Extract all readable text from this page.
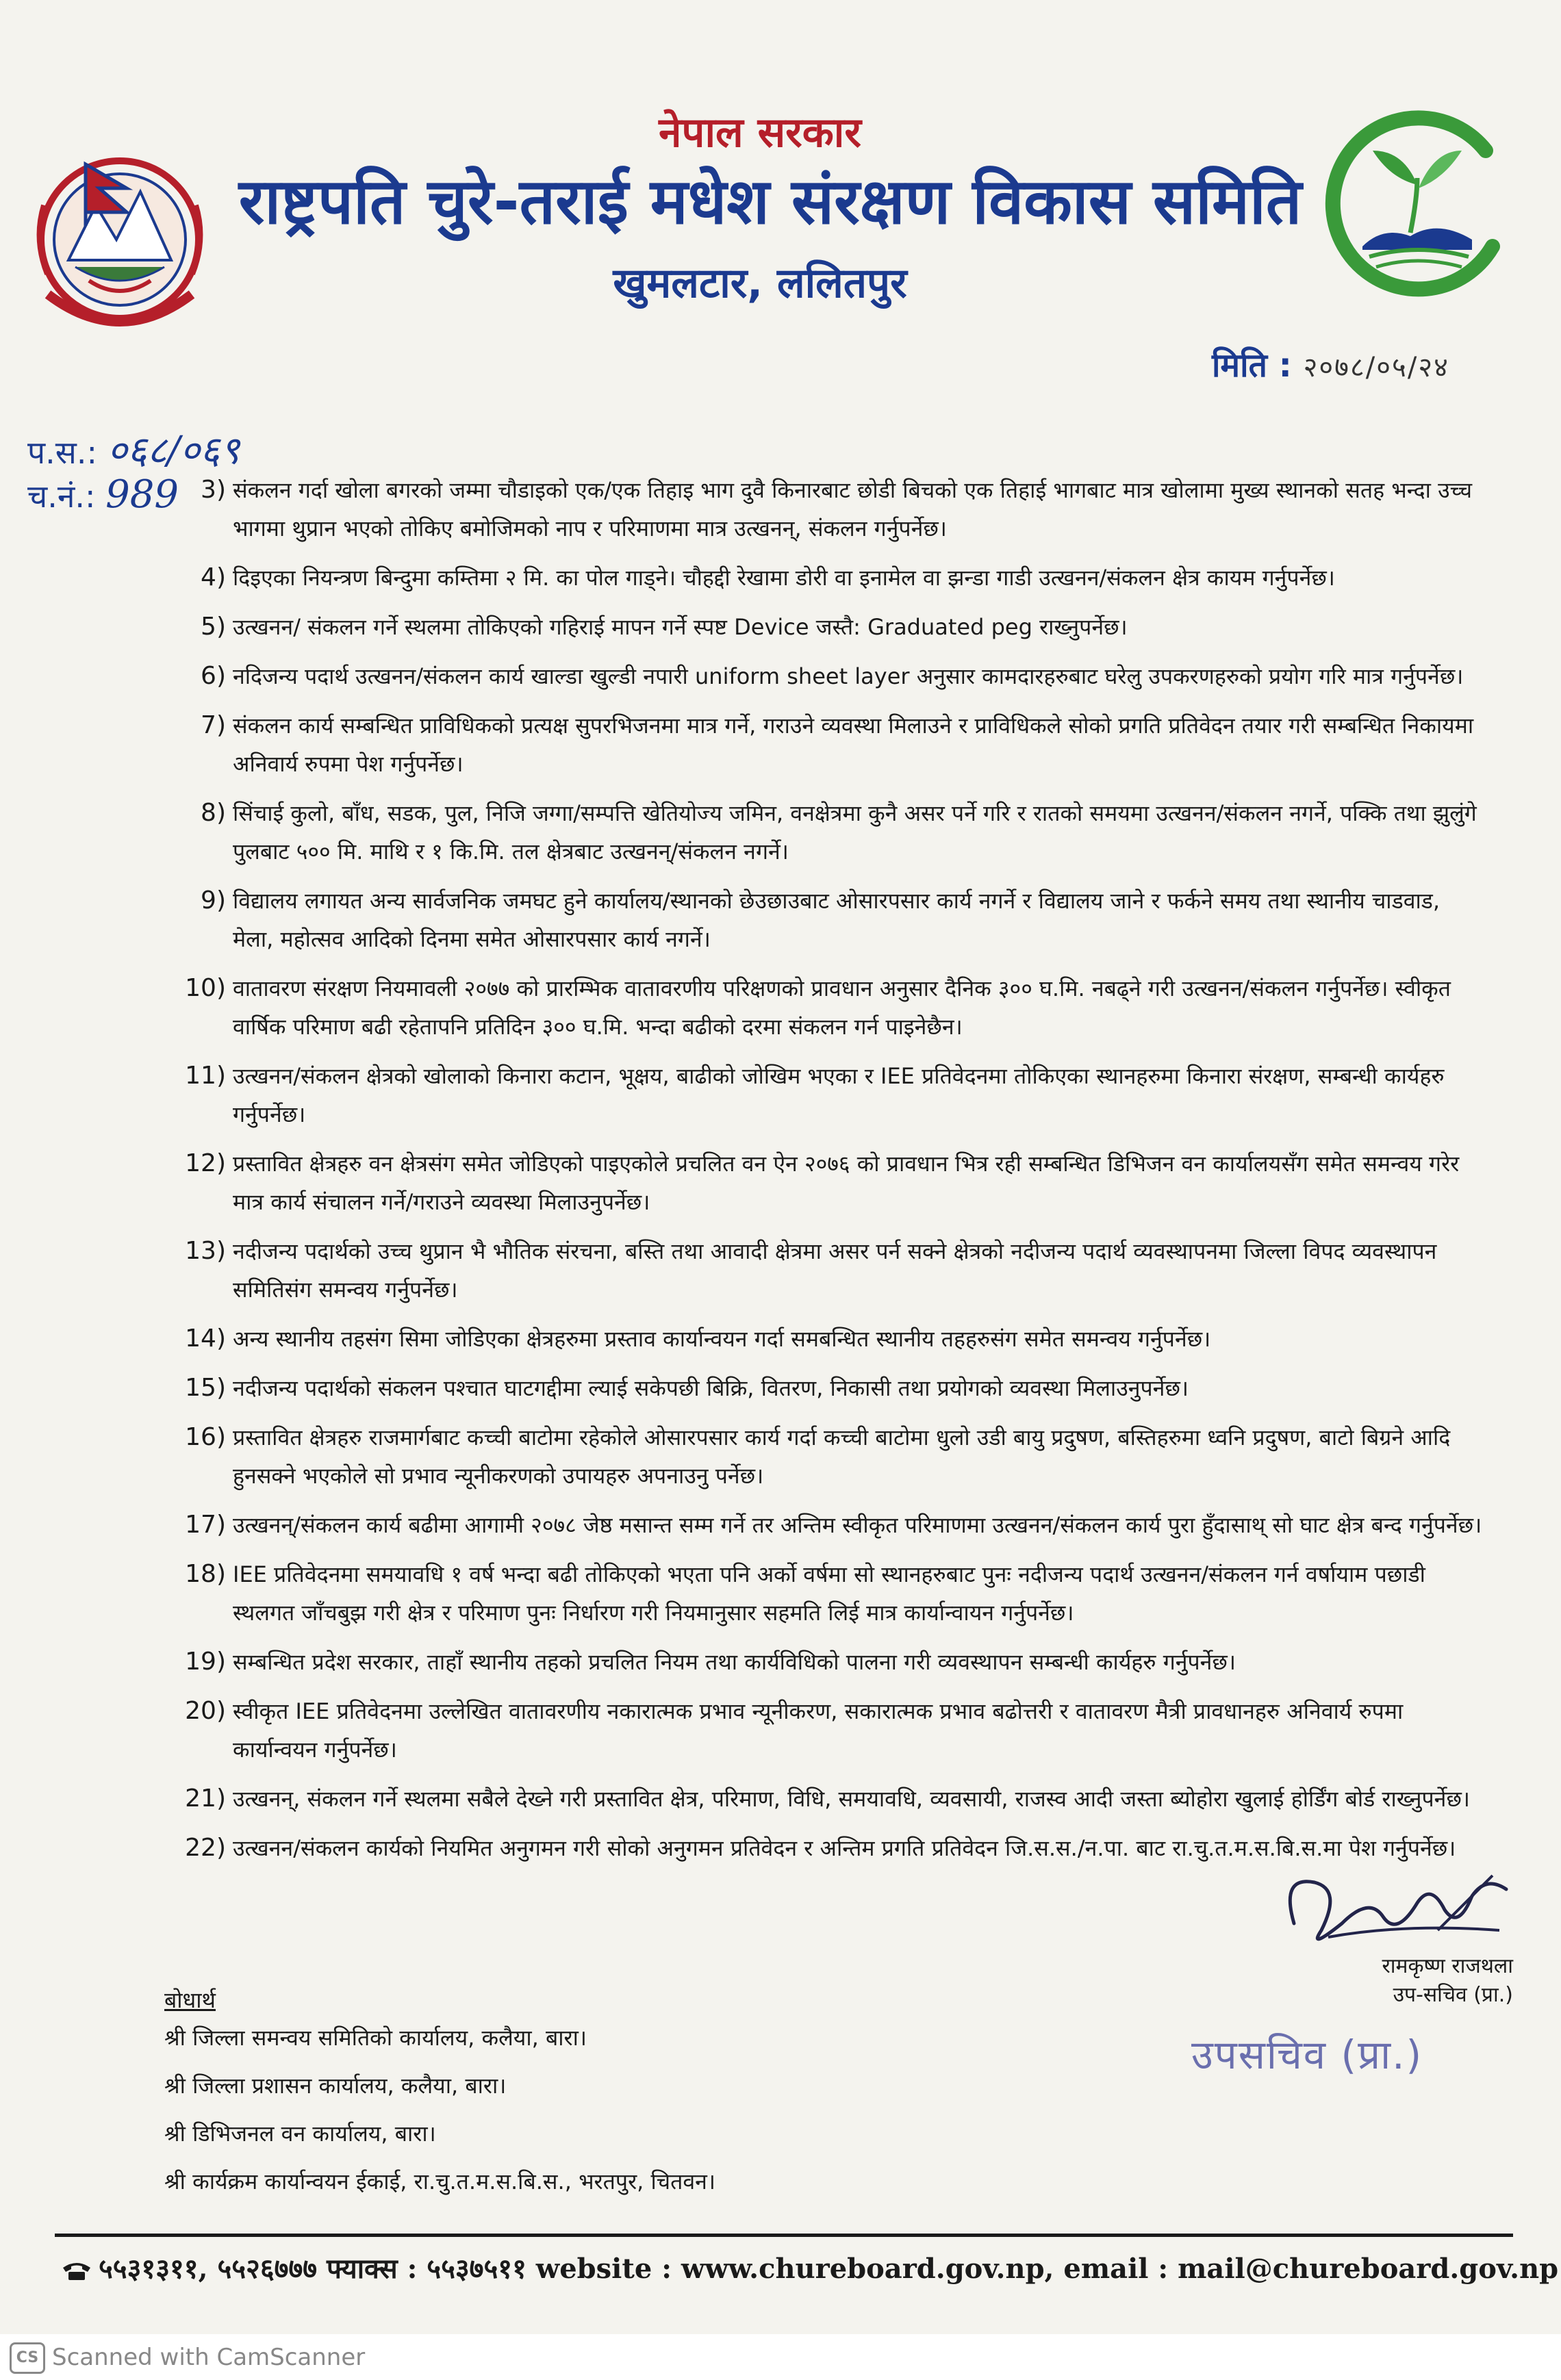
नेपाल सरकार
राष्ट्रपति चुरे-तराई मधेश संरक्षण विकास समिति
खुमलटार, ललितपुर
मिति : २०७८/०५/२४
प.स.: ०६८/०६९
च.नं.: 989 3) संकलन गर्दा खोला बगरको जम्मा चौडाइको एक/एक तिहाइ भाग दुवै किनारबाट छोडी बिचको एक तिहाई भागबाट मात्र खोलामा मुख्य स्थानको सतह भन्दा उच्च भागमा थुप्रान भएको तोकिए बमोजिमको नाप र परिमाणमा मात्र उत्खनन्, संकलन गर्नुपर्नेछ।
4) दिइएका नियन्त्रण बिन्दुमा कम्तिमा २ मि. का पोल गाड्ने। चौहद्दी रेखामा डोरी वा इनामेल वा झन्डा गाडी उत्खनन/संकलन क्षेत्र कायम गर्नुपर्नेछ।
5) उत्खनन/ संकलन गर्ने स्थलमा तोकिएको गहिराई मापन गर्ने स्पष्ट Device जस्तै: Graduated peg राख्नुपर्नेछ।
6) नदिजन्य पदार्थ उत्खनन/संकलन कार्य खाल्डा खुल्डी नपारी uniform sheet layer अनुसार कामदारहरुबाट घरेलु उपकरणहरुको प्रयोग गरि मात्र गर्नुपर्नेछ।
7) संकलन कार्य सम्बन्धित प्राविधिकको प्रत्यक्ष सुपरभिजनमा मात्र गर्ने, गराउने व्यवस्था मिलाउने र प्राविधिकले सोको प्रगति प्रतिवेदन तयार गरी सम्बन्धित निकायमा अनिवार्य रुपमा पेश गर्नुपर्नेछ।
8) सिंचाई कुलो, बाँध, सडक, पुल, निजि जग्गा/सम्पत्ति खेतियोज्य जमिन, वनक्षेत्रमा कुनै असर पर्ने गरि र रातको समयमा उत्खनन/संकलन नगर्ने, पक्कि तथा झुलुंगे पुलबाट ५०० मि. माथि र १ कि.मि. तल क्षेत्रबाट उत्खनन्/संकलन नगर्ने।
9) विद्यालय लगायत अन्य सार्वजनिक जमघट हुने कार्यालय/स्थानको छेउछाउबाट ओसारपसार कार्य नगर्ने र विद्यालय जाने र फर्कने समय तथा स्थानीय चाडवाड, मेला, महोत्सव आदिको दिनमा समेत ओसारपसार कार्य नगर्ने।
10) वातावरण संरक्षण नियमावली २०७७ को प्रारम्भिक वातावरणीय परिक्षणको प्रावधान अनुसार दैनिक ३०० घ.मि. नबढ्ने गरी उत्खनन/संकलन गर्नुपर्नेछ। स्वीकृत वार्षिक परिमाण बढी रहेतापनि प्रतिदिन ३०० घ.मि. भन्दा बढीको दरमा संकलन गर्न पाइनेछैन।
11) उत्खनन/संकलन क्षेत्रको खोलाको किनारा कटान, भूक्षय, बाढीको जोखिम भएका र IEE प्रतिवेदनमा तोकिएका स्थानहरुमा किनारा संरक्षण, सम्बन्धी कार्यहरु गर्नुपर्नेछ।
12) प्रस्तावित क्षेत्रहरु वन क्षेत्रसंग समेत जोडिएको पाइएकोले प्रचलित वन ऐन २०७६ को प्रावधान भित्र रही सम्बन्धित डिभिजन वन कार्यालयसँग समेत समन्वय गरेर मात्र कार्य संचालन गर्ने/गराउने व्यवस्था मिलाउनुपर्नेछ।
13) नदीजन्य पदार्थको उच्च थुप्रान भै भौतिक संरचना, बस्ति तथा आवादी क्षेत्रमा असर पर्न सक्ने क्षेत्रको नदीजन्य पदार्थ व्यवस्थापनमा जिल्ला विपद व्यवस्थापन समितिसंग समन्वय गर्नुपर्नेछ।
14) अन्य स्थानीय तहसंग सिमा जोडिएका क्षेत्रहरुमा प्रस्ताव कार्यान्वयन गर्दा समबन्धित स्थानीय तहहरुसंग समेत समन्वय गर्नुपर्नेछ।
15) नदीजन्य पदार्थको संकलन पश्चात घाटगद्दीमा ल्याई सकेपछी बिक्रि, वितरण, निकासी तथा प्रयोगको व्यवस्था मिलाउनुपर्नेछ।
16) प्रस्तावित क्षेत्रहरु राजमार्गबाट कच्ची बाटोमा रहेकोले ओसारपसार कार्य गर्दा कच्ची बाटोमा धुलो उडी बायु प्रदुषण, बस्तिहरुमा ध्वनि प्रदुषण, बाटो बिग्रने आदि हुनसक्ने भएकोले सो प्रभाव न्यूनीकरणको उपायहरु अपनाउनु पर्नेछ।
17) उत्खनन्/संकलन कार्य बढीमा आगामी २०७८ जेष्ठ मसान्त सम्म गर्ने तर अन्तिम स्वीकृत परिमाणमा उत्खनन/संकलन कार्य पुरा हुँदासाथ् सो घाट क्षेत्र बन्द गर्नुपर्नेछ।
18) IEE प्रतिवेदनमा समयावधि १ वर्ष भन्दा बढी तोकिएको भएता पनि अर्को वर्षमा सो स्थानहरुबाट पुनः नदीजन्य पदार्थ उत्खनन/संकलन गर्न वर्षायाम पछाडी स्थलगत जाँचबुझ गरी क्षेत्र र परिमाण पुनः निर्धारण गरी नियमानुसार सहमति लिई मात्र कार्यान्वायन गर्नुपर्नेछ।
19) सम्बन्धित प्रदेश सरकार, ताहाँ स्थानीय तहको प्रचलित नियम तथा कार्यविधिको पालना गरी व्यवस्थापन सम्बन्धी कार्यहरु गर्नुपर्नेछ।
20) स्वीकृत IEE प्रतिवेदनमा उल्लेखित वातावरणीय नकारात्मक प्रभाव न्यूनीकरण, सकारात्मक प्रभाव बढोत्तरी र वातावरण मैत्री प्रावधानहरु अनिवार्य रुपमा कार्यान्वयन गर्नुपर्नेछ।
21) उत्खनन्, संकलन गर्ने स्थलमा सबैले देख्ने गरी प्रस्तावित क्षेत्र, परिमाण, विधि, समयावधि, व्यवसायी, राजस्व आदी जस्ता ब्योहोरा खुलाई होर्डिंग बोर्ड राख्नुपर्नेछ।
22) उत्खनन/संकलन कार्यको नियमित अनुगमन गरी सोको अनुगमन प्रतिवेदन र अन्तिम प्रगति प्रतिवेदन जि.स.स./न.पा. बाट रा.चु.त.म.स.बि.स.मा पेश गर्नुपर्नेछ।
रामकृष्ण राजथला
उप-सचिव (प्रा.)
उपसचिव (प्रा.)
बोधार्थ
श्री जिल्ला समन्वय समितिको कार्यालय, कलैया, बारा।
श्री जिल्ला प्रशासन कार्यालय, कलैया, बारा।
श्री डिभिजनल वन कार्यालय, बारा।
श्री कार्यक्रम कार्यान्वयन ईकाई, रा.चु.त.म.स.बि.स., भरतपुर, चितवन।
५५३१३११, ५५२६७७७ फ्याक्स : ५५३७५११ website : www.chureboard.gov.np, email : mail@chureboard.gov.np
CS Scanned with CamScanner
